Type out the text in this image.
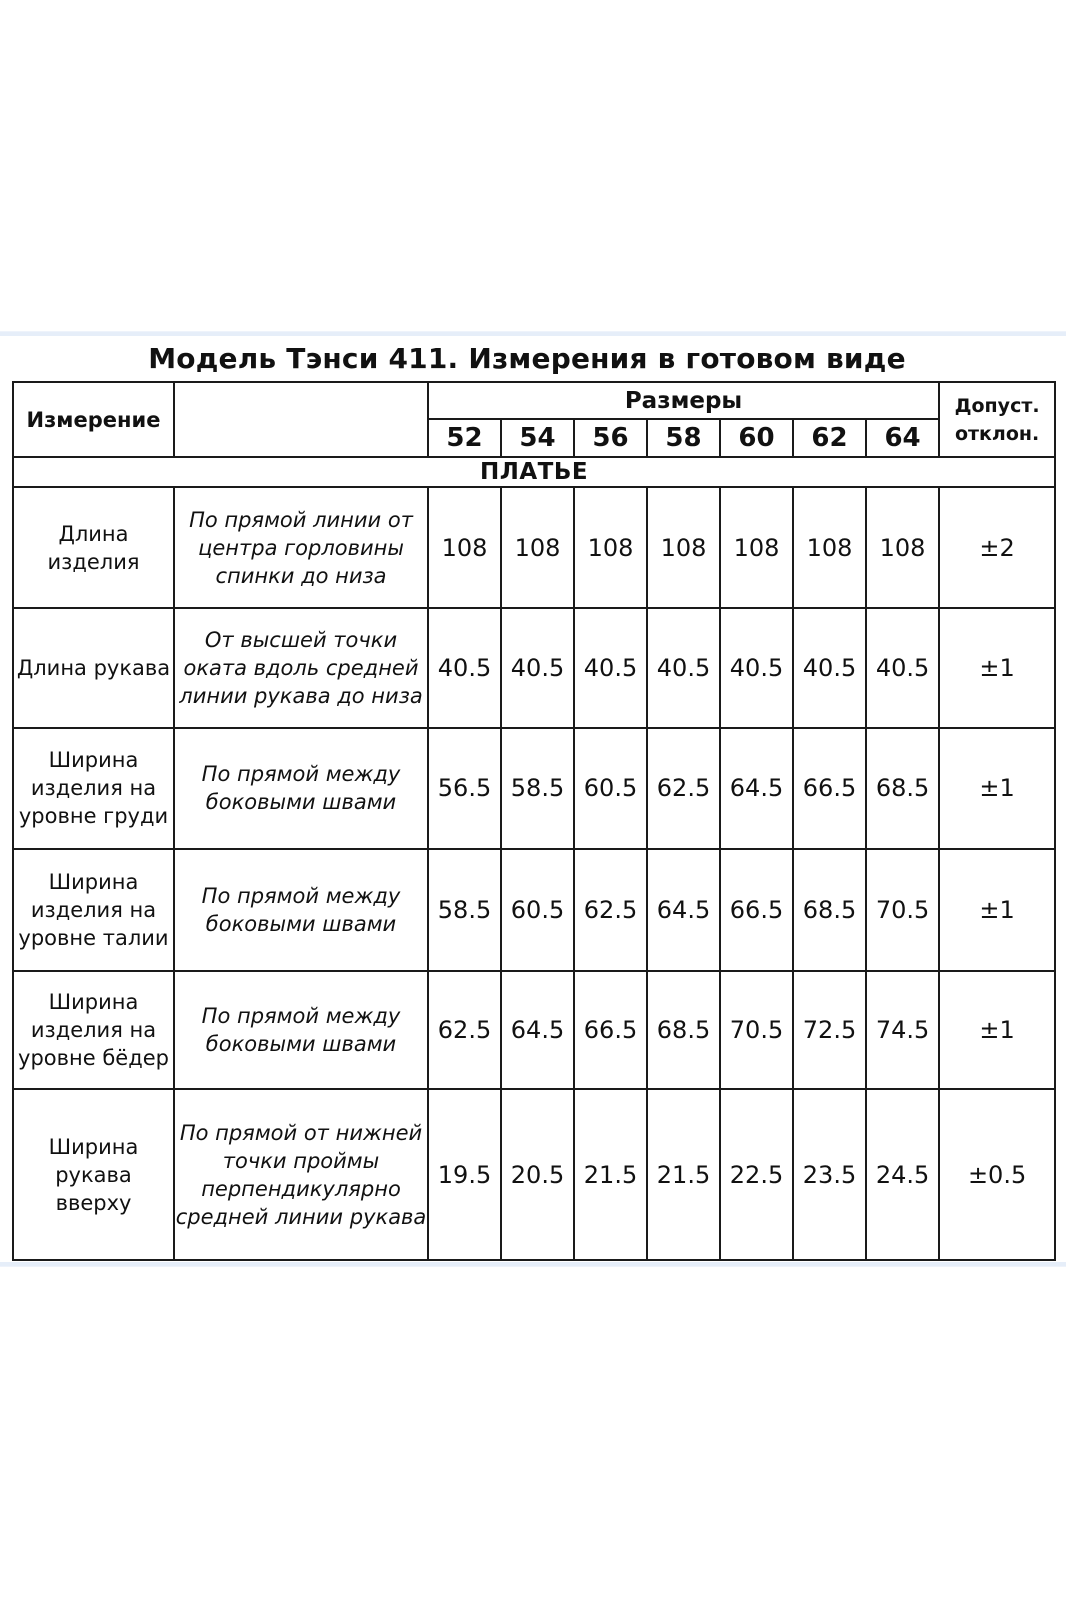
Модель Тэнси 411. Измерения в готовом виде
Измерение		Размеры							Допуст.
отклон.

		52	54	56	58	60	62	64	
ПЛАТЬЕ									
Длина изделия	По прямой линии от центра горловины спинки до низа	108	108	108	108	108	108	108	±2
Длина рукава	От высшей точки оката вдоль средней линии рукава до низа	40.5	40.5	40.5	40.5	40.5	40.5	40.5	±1
Ширина изделия на уровне груди	По прямой между боковыми швами	56.5	58.5	60.5	62.5	64.5	66.5	68.5	±1
Ширина изделия на уровне талии	По прямой между боковыми швами	58.5	60.5	62.5	64.5	66.5	68.5	70.5	±1
Ширина изделия на уровне бёдер	По прямой между боковыми швами	62.5	64.5	66.5	68.5	70.5	72.5	74.5	±1
Ширина рукава вверху	По прямой от нижней точки проймы перпендикулярно средней линии рукава	19.5	20.5	21.5	21.5	22.5	23.5	24.5	±0.5
